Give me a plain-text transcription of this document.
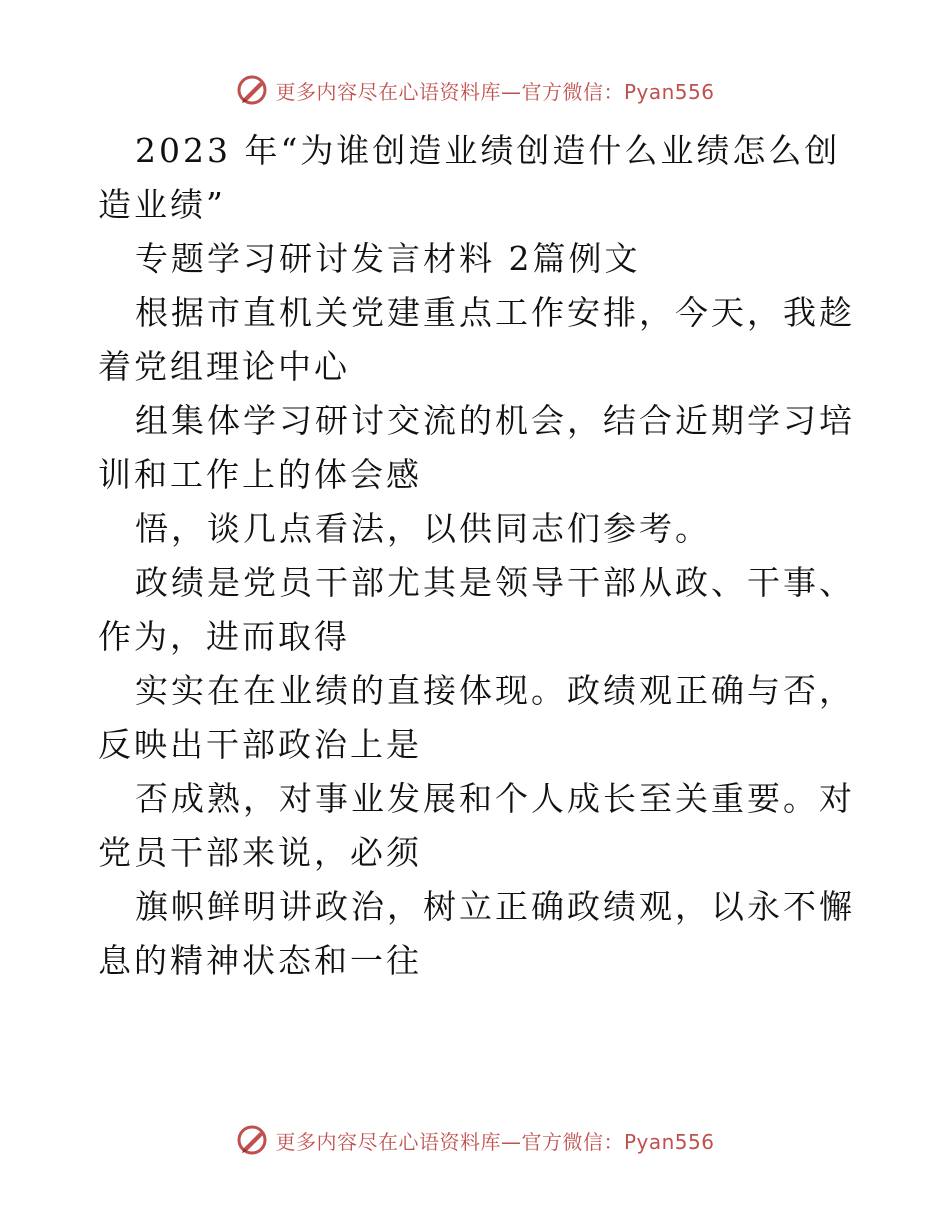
更多内容尽在心语资料库—官方微信：Pyan556

2023 年“为谁创造业绩创造什么业绩怎么创造业绩”

专题学习研讨发言材料 2篇例文

根据市直机关党建重点工作安排，今天，我趁着党组理论中心

组集体学习研讨交流的机会，结合近期学习培训和工作上的体会感

悟，谈几点看法，以供同志们参考。

政绩是党员干部尤其是领导干部从政、干事、作为，进而取得

实实在在业绩的直接体现。政绩观正确与否，反映出干部政治上是

否成熟，对事业发展和个人成长至关重要。对党员干部来说，必须

旗帜鲜明讲政治，树立正确政绩观，以永不懈息的精神状态和一往

更多内容尽在心语资料库—官方微信：Pyan556
